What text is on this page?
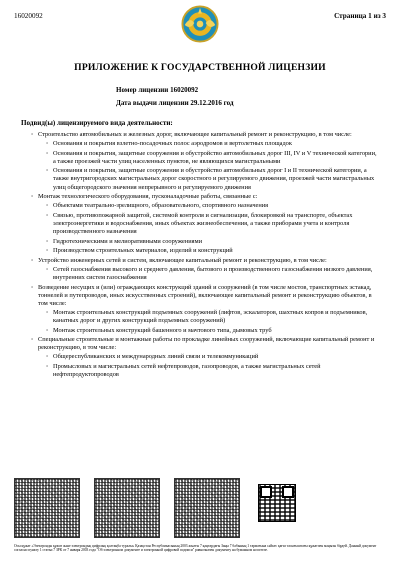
16020092	Страница 1 из 3
ПРИЛОЖЕНИЕ К ГОСУДАРСТВЕННОЙ ЛИЦЕНЗИИ
Номер лицензии 16020092
Дата выдачи лицензии 29.12.2016 год
Подвид(ы) лицензируемого вида деятельности:
· Строительство автомобильных и железных дорог, включающее капитальный ремонт и реконструкцию, в том числе:
· Основания и покрытия взлетно-посадочных полос аэродромов и вертолетных площадок
· Основания и покрытия, защитные сооружения и обустройство автомобильных дорог III, IV и V технической категории, а также проезжей части улиц населенных пунктов, не являющихся магистральными
· Основания и покрытия, защитные сооружения и обустройство автомобильных дорог I и II технической категории, а также внутригородских магистральных дорог скоростного и регулируемого движения, проезжей части магистральных улиц общегородского значения непрерывного и регулируемого движения
· Монтаж технологического оборудования, пусконаладочные работы, связанные с:
· Объектами театрально-зрелищного, образовательного, спортивного назначения
· Связью, противопожарной защитой, системой контроля и сигнализации, блокировкой на транспорте, объектах электроэнергетики и водоснабжения, иных объектах жизнеобеспечения, а также приборами учета и контроля производственного назначения
· Гидротехническими и мелиоративными сооружениями
· Производством строительных материалов, изделий и конструкций
· Устройство инженерных сетей и систем, включающее капитальный ремонт и реконструкцию, в том числе:
· Сетей газоснабжения высокого и среднего давления, бытового и производственного газоснабжения низкого давления, внутренних систем газоснабжения
· Возведение несущих и (или) ограждающих конструкций зданий и сооружений (в том числе мостов, транспортных эстакад, тоннелей и путепроводов, иных искусственных строений), включающее капитальный ремонт и реконструкцию объектов, в том числе:
· Монтаж строительных конструкций подъемных сооружений (лифтов, эскалаторов, шахтных копров и подъемников, канатных дорог и других конструкций подъемных сооружений)
· Монтаж строительных конструкций башенного и мачтового типа, дымовых труб
· Специальные строительные и монтажные работы по прокладке линейных сооружений, включающие капитальный ремонт и реконструкцию, в том числе:
· Общереспубликанских и международных линий связи и телекоммуникаций
· Промысловых и магистральных сетей нефтепроводов, газопроводов, а также магистральных сетей нефтепродуктопроводов
Осы құжат «Электронды құжат және электрондық цифрлық қолтаңба туралы» Қазақстан Республикасының 2003 жылғы 7 қаңтардағы Заңы 7 бабының 1 тармағына сәйкес қағаз тасығыштағы құжатпен маңызы бірдей. Данный документ согласно пункту 1 статьи 7 ЗРК от 7 января 2003 года "Об электронном документе и электронной цифровой подписи" равнозначен документу на бумажном носителе.
